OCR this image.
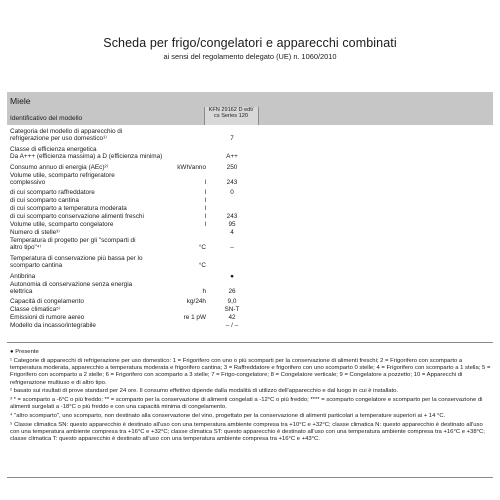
Scheda per frigo/congelatori e apparecchi combinati
ai sensi del regolamento delegato (UE) n. 1060/2010
Miele
Identificativo del modello
KFN 29162 D edt/
cs Series 120
Categoria del modello di apparecchio di
refrigerazione per uso domestico¹⁾	7
Classe di efficienza energetica
Da A+++ (efficienza massima) a D (efficienza minima)	A++
Consumo annuo di energia (AEc)²⁾	kWh/anno	250
Volume utile, scomparto refrigeratore
complessivo	l	243
di cui scomparto raffreddatore	l	0
di cui scomparto cantina	l
di cui scomparto a temperatura moderata	l
di cui scomparto conservazione alimenti freschi	l	243
Volume utile, scomparto congelatore	l	95
Numero di stelle³⁾	4
Temperatura di progetto per gli "scomparti di
altro tipo"⁴⁾	°C	–
Temperatura di conservazione più bassa per lo
scomparto cantina	°C
Antibrina	●
Autonomia di conservazione senza energia
elettrica	h	26
Capacità di congelamento	kg/24h	9,0
Classe climatica⁵⁾	SN-T
Emissioni di rumore aereo	re 1 pW	42
Modello da incasso/integrabile	– / –
● Presente
¹ Categorie di apparecchi di refrigerazione per uso domestico: 1 = Frigorifero con uno o più scomparti per la conservazione di alimenti freschi; 2 = Frigorifero con scomparto a temperatura moderata, apparecchio a temperatura moderata e frigorifero cantina; 3 = Raffreddatore e frigorifero con uno scomparto 0 stelle; 4 = Frigorifero con scomparto a 1 stella; 5 = Frigorifero con scomparto a 2 stelle; 6 = Frigorifero con scomparto a 3 stelle; 7 = Frigo-congelatore; 8 = Congelatore verticale; 9 = Congelatore a pozzetto; 10 = Apparecchi di refrigerazione multiuso e di altro tipo.
² basato sui risultati di prove standard per 24 ore. Il consumo effettivo dipende dalla modalità di utilizzo dell'apparecchio e dal luogo in cui è installato.
³ * = scomparto a -6°C o più freddo; ** = scomparto per la conservazione di alimenti congelati a -12°C o più freddo; **** = scomparto congelatore e scomparto per la conservazione di alimenti surgelati a -18°C o più freddo e con una capacità minima di congelamento.
⁴ "altro scomparto", uno scomparto, non destinato alla conservazione del vino, progettato per la conservazione di alimenti particolari a temperature superiori ai + 14 °C.
⁵ Classe climatica SN: questo apparecchio è destinato all'uso con una temperatura ambiente compresa tra +10°C e +32°C; classe climatica N: questo apparecchio è destinato all'uso con una temperatura ambiente compresa tra +16°C e +32°C; classe climatica ST: questo apparecchio è destinato all'uso con una temperatura ambiente compresa tra +16°C e +38°C; classe climatica T: questo apparecchio è destinato all'uso con una temperatura ambiente compresa tra +16°C e +43°C.
